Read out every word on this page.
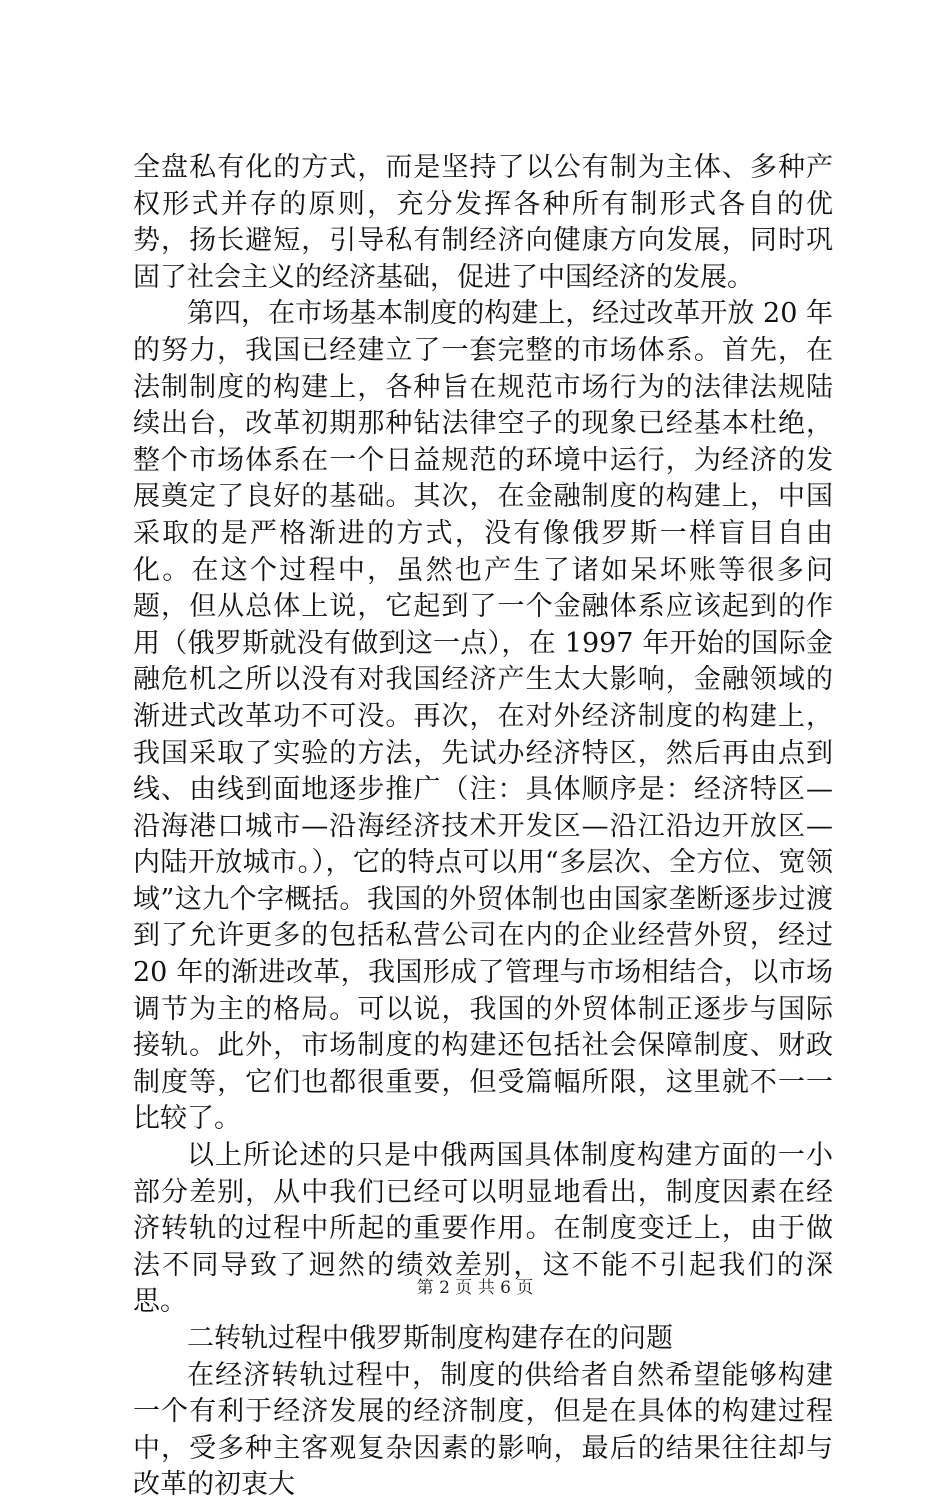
全盘私有化的方式，而是坚持了以公有制为主体、多种产权形式并存的原则，充分发挥各种所有制形式各自的优势，扬长避短，引导私有制经济向健康方向发展，同时巩固了社会主义的经济基础，促进了中国经济的发展。

第四，在市场基本制度的构建上，经过改革开放 20 年的努力，我国已经建立了一套完整的市场体系。首先，在法制制度的构建上，各种旨在规范市场行为的法律法规陆续出台，改革初期那种钻法律空子的现象已经基本杜绝，整个市场体系在一个日益规范的环境中运行，为经济的发展奠定了良好的基础。其次，在金融制度的构建上，中国采取的是严格渐进的方式，没有像俄罗斯一样盲目自由化。在这个过程中，虽然也产生了诸如呆坏账等很多问题，但从总体上说，它起到了一个金融体系应该起到的作用（俄罗斯就没有做到这一点），在 1997 年开始的国际金融危机之所以没有对我国经济产生太大影响，金融领域的渐进式改革功不可没。再次，在对外经济制度的构建上，我国采取了实验的方法，先试办经济特区，然后再由点到线、由线到面地逐步推广（注：具体顺序是：经济特区—沿海港口城市—沿海经济技术开发区—沿江沿边开放区—内陆开放城市。），它的特点可以用“多层次、全方位、宽领域”这九个字概括。我国的外贸体制也由国家垄断逐步过渡到了允许更多的包括私营公司在内的企业经营外贸，经过 20 年的渐进改革，我国形成了管理与市场相结合，以市场调节为主的格局。可以说，我国的外贸体制正逐步与国际接轨。此外，市场制度的构建还包括社会保障制度、财政制度等，它们也都很重要，但受篇幅所限，这里就不一一比较了。

以上所论述的只是中俄两国具体制度构建方面的一小部分差别，从中我们已经可以明显地看出，制度因素在经济转轨的过程中所起的重要作用。在制度变迁上，由于做法不同导致了迥然的绩效差别，这不能不引起我们的深思。

二转轨过程中俄罗斯制度构建存在的问题

在经济转轨过程中，制度的供给者自然希望能够构建一个有利于经济发展的经济制度，但是在具体的构建过程中，受多种主客观复杂因素的影响，最后的结果往往却与改革的初衷大

第 2 页 共 6 页
